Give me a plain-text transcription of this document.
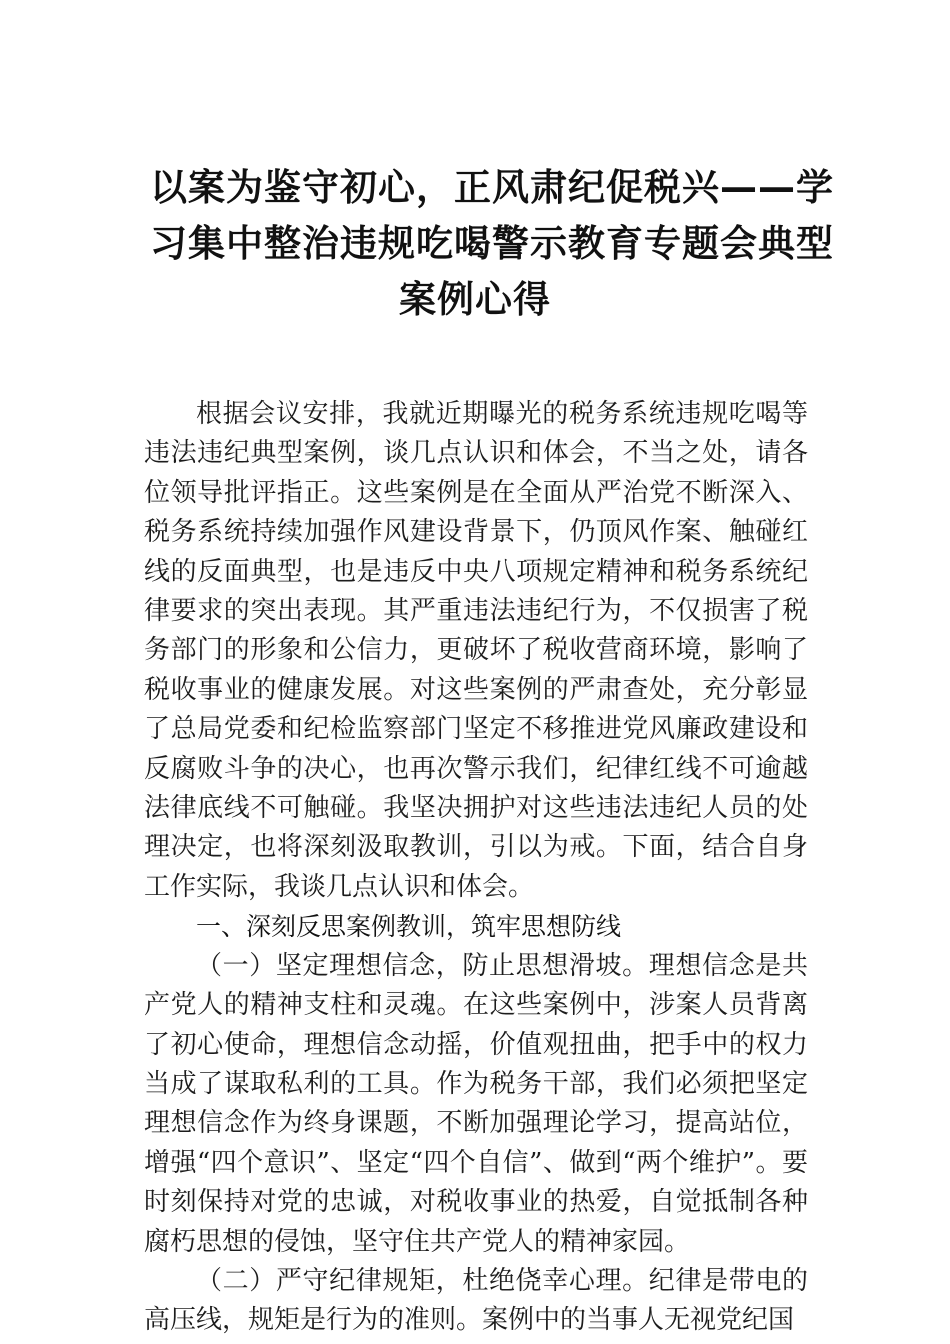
以案为鉴守初心，正风肃纪促税兴——学
习集中整治违规吃喝警示教育专题会典型
案例心得

根据会议安排，我就近期曝光的税务系统违规吃喝等违法违纪典型案例，谈几点认识和体会，不当之处，请各位领导批评指正。这些案例是在全面从严治党不断深入、税务系统持续加强作风建设背景下，仍顶风作案、触碰红线的反面典型，也是违反中央八项规定精神和税务系统纪律要求的突出表现。其严重违法违纪行为，不仅损害了税务部门的形象和公信力，更破坏了税收营商环境，影响了税收事业的健康发展。对这些案例的严肃查处，充分彰显了总局党委和纪检监察部门坚定不移推进党风廉政建设和反腐败斗争的决心，也再次警示我们，纪律红线不可逾越法律底线不可触碰。我坚决拥护对这些违法违纪人员的处理决定，也将深刻汲取教训，引以为戒。下面，结合自身工作实际，我谈几点认识和体会。

一、深刻反思案例教训，筑牢思想防线

（一）坚定理想信念，防止思想滑坡。理想信念是共产党人的精神支柱和灵魂。在这些案例中，涉案人员背离了初心使命，理想信念动摇，价值观扭曲，把手中的权力当成了谋取私利的工具。作为税务干部，我们必须把坚定理想信念作为终身课题，不断加强理论学习，提高站位，增强“四个意识”、坚定“四个自信”、做到“两个维护”。要时刻保持对党的忠诚，对税收事业的热爱，自觉抵制各种腐朽思想的侵蚀，坚守住共产党人的精神家园。

（二）严守纪律规矩，杜绝侥幸心理。纪律是带电的高压线，规矩是行为的准则。案例中的当事人无视党纪国
